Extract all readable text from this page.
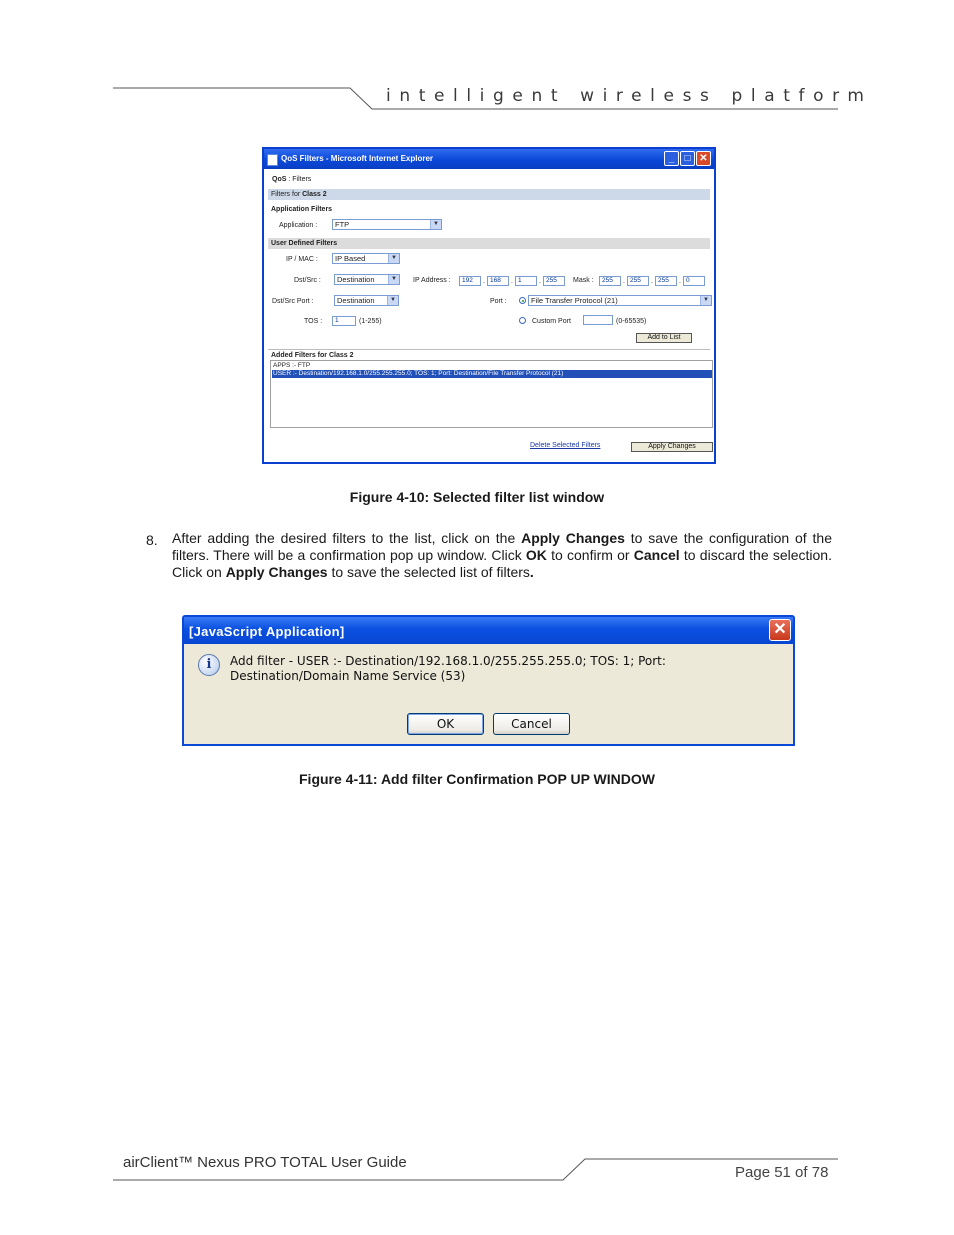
intelligent wireless platform
QoS Filters - Microsoft Internet Explorer	_	□ ✕
QoS : Filters
Filters for Class 2
Application Filters
Application :	FTP	▼
User Defined Filters
IP / MAC :	IP Based	▼
Dst/Src :	Destination	▼ IP Address :	192	. 168	. 1	. 255	Mask :	255	. 255	. 255	. 0
Dst/Src Port :	Destination	▼	Port :	File Transfer Protocol (21)	▼
TOS :	1	(1-255)	Custom Port	(0-65535)
Add to List
Added Filters for Class 2
APPS :- FTP
USER :- Destination/192.168.1.0/255.255.255.0; TOS: 1; Port: Destination/File Transfer Protocol (21)
Delete Selected Filters	Apply Changes
Figure 4-10: Selected filter list window
8. After adding the desired filters to the list, click on the Apply Changes to save the configuration of the filters. There will be a confirmation pop up window. Click OK to confirm or Cancel to discard the selection. Click on Apply Changes to save the selected list of filters.
[JavaScript Application]	✕
i	Add filter - USER :- Destination/192.168.1.0/255.255.255.0; TOS: 1; Port: Destination/Domain Name Service (53)
OK	Cancel
Figure 4-11: Add filter Confirmation POP UP WINDOW
airClient™ Nexus PRO TOTAL User Guide
Page 51 of 78
